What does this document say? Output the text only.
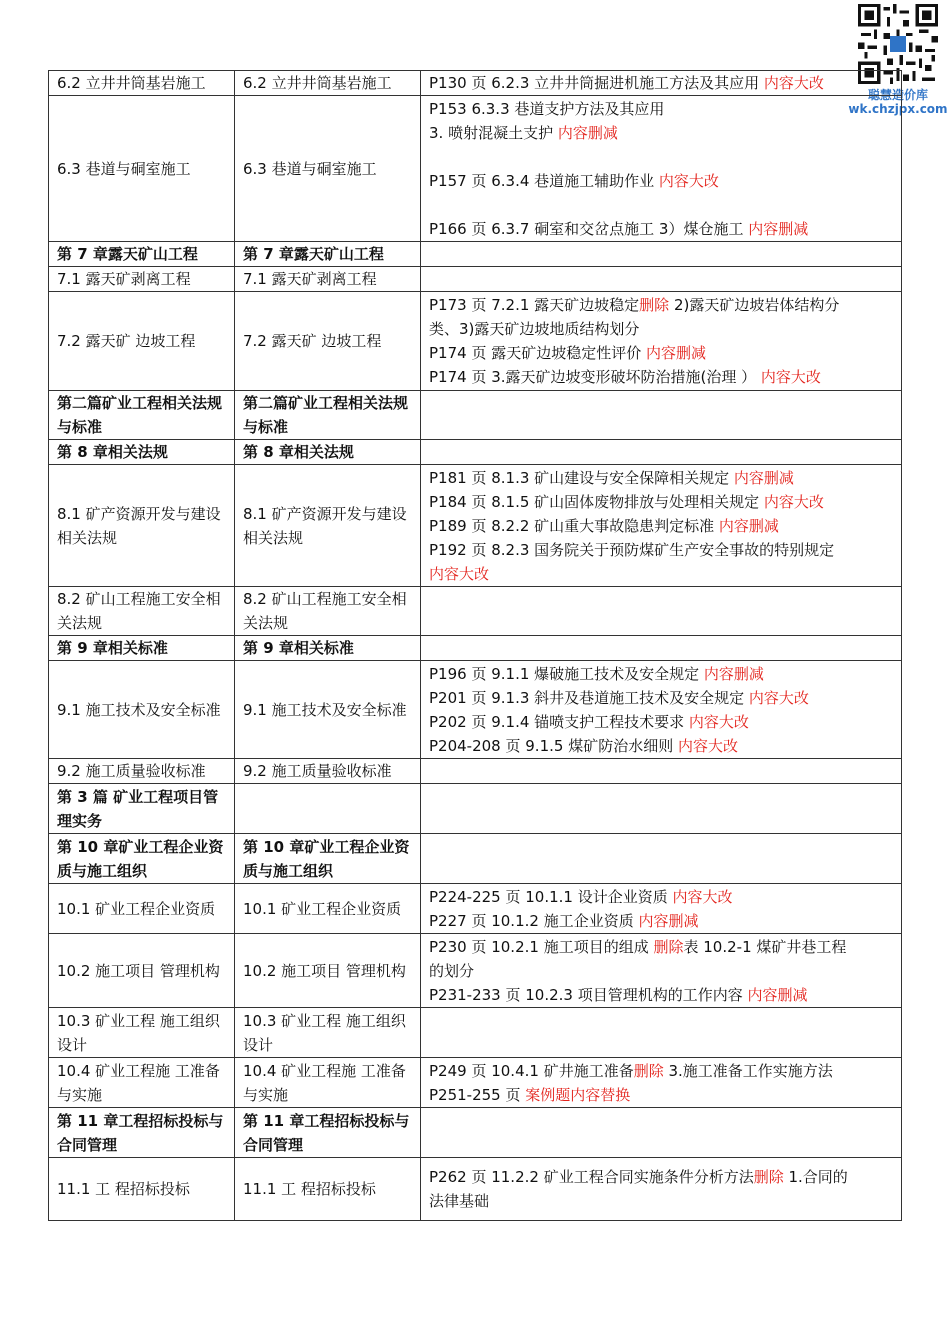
聪慧造价库
wk.chzjpx.com
6.2 立井井筒基岩施工	6.2 立井井筒基岩施工	P130 页 6.2.3 立井井筒掘进机施工方法及其应用 内容大改

6.3 巷道与硐室施工	6.3 巷道与硐室施工	P153 6.3.3 巷道支护方法及其应用
3. 喷射混凝土支护 内容删减
P157 页 6.3.4 巷道施工辅助作业 内容大改
P166 页 6.3.7 硐室和交岔点施工 3）煤仓施工 内容删减

第 7 章露天矿山工程	第 7 章露天矿山工程	
7.1 露天矿剥离工程	7.1 露天矿剥离工程	
7.2 露天矿 边坡工程	7.2 露天矿 边坡工程	P173 页 7.2.1 露天矿边坡稳定删除 2)露天矿边坡岩体结构分
类、3)露天矿边坡地质结构划分
P174 页 露天矿边坡稳定性评价 内容删减
P174 页 3.露天矿边坡变形破坏防治措施(治理 ） 内容大改

第二篇矿业工程相关法规与标准	第二篇矿业工程相关法规与标准	
第 8 章相关法规	第 8 章相关法规	
8.1 矿产资源开发与建设相关法规	8.1 矿产资源开发与建设相关法规	P181 页 8.1.3 矿山建设与安全保障相关规定 内容删减
P184 页 8.1.5 矿山固体废物排放与处理相关规定 内容大改
P189 页 8.2.2 矿山重大事故隐患判定标准 内容删减
P192 页 8.2.3 国务院关于预防煤矿生产安全事故的特别规定
内容大改

8.2 矿山工程施工安全相关法规	8.2 矿山工程施工安全相关法规	
第 9 章相关标准	第 9 章相关标准	
9.1 施工技术及安全标准	9.1 施工技术及安全标准	P196 页 9.1.1 爆破施工技术及安全规定 内容删减
P201 页 9.1.3 斜井及巷道施工技术及安全规定 内容大改
P202 页 9.1.4 锚喷支护工程技术要求 内容大改
P204-208 页 9.1.5 煤矿防治水细则 内容大改

9.2 施工质量验收标准	9.2 施工质量验收标准	
第 3 篇 矿业工程项目管理实务		
第 10 章矿业工程企业资质与施工组织	第 10 章矿业工程企业资质与施工组织	
10.1 矿业工程企业资质	10.1 矿业工程企业资质	P224-225 页 10.1.1 设计企业资质 内容大改
P227 页 10.1.2 施工企业资质 内容删减

10.2 施工项目 管理机构	10.2 施工项目 管理机构	P230 页 10.2.1 施工项目的组成 删除表 10.2-1 煤矿井巷工程
的划分
P231-233 页 10.2.3 项目管理机构的工作内容 内容删减

10.3 矿业工程 施工组织设计	10.3 矿业工程 施工组织设计	
10.4 矿业工程施 工准备与实施	10.4 矿业工程施 工准备与实施	P249 页 10.4.1 矿井施工准备删除 3.施工准备工作实施方法
P251-255 页 案例题内容替换

第 11 章工程招标投标与合同管理	第 11 章工程招标投标与合同管理	
11.1 工 程招标投标	11.1 工 程招标投标	P262 页 11.2.2 矿业工程合同实施条件分析方法删除 1.合同的
法律基础
